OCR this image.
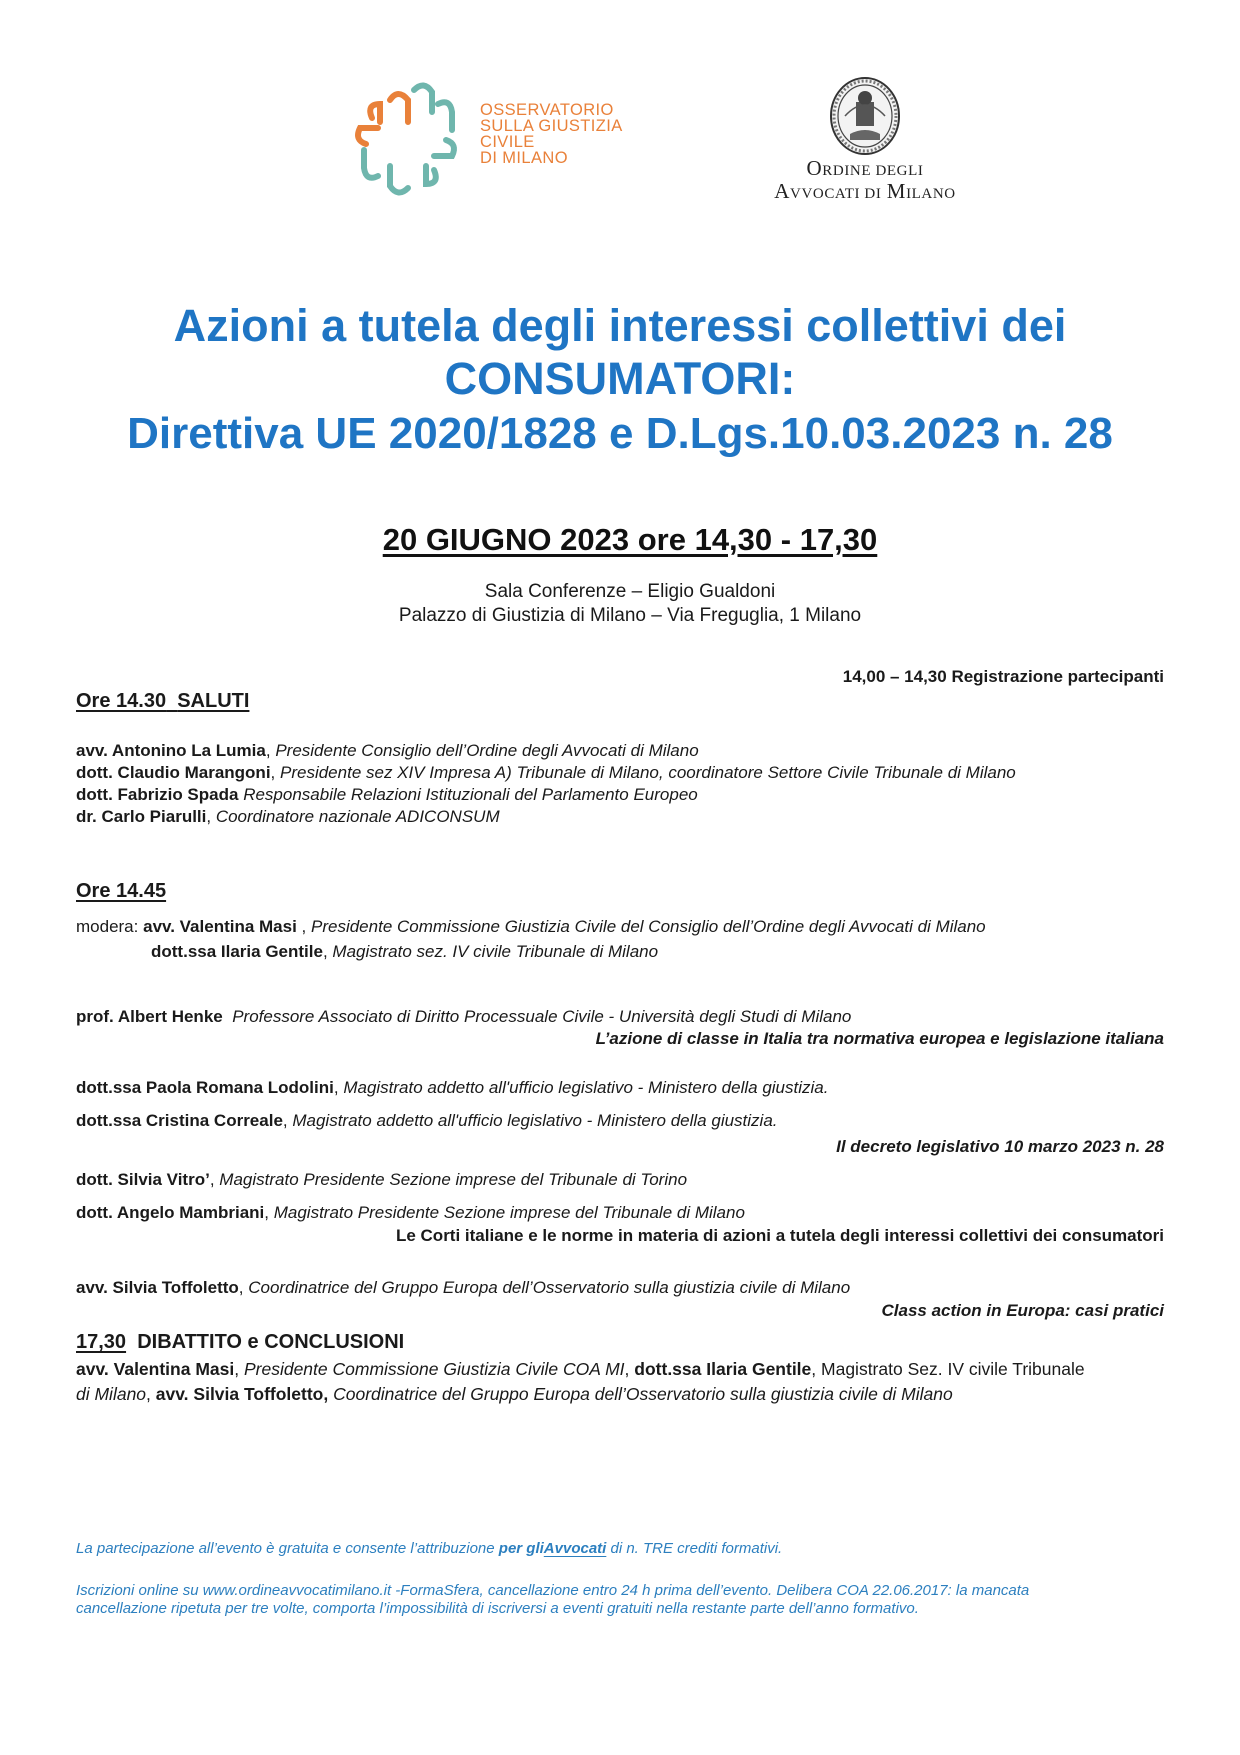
OSSERVATORIO
SULLA GIUSTIZIA
CIVILE
DI MILANO	ORDINE DEGLI
AVVOCATI DI MILANO
Azioni a tutela degli interessi collettivi dei
CONSUMATORI:
Direttiva UE 2020/1828 e D.Lgs.10.03.2023 n. 28
20 GIUGNO 2023 ore 14,30 - 17,30
Sala Conferenze – Eligio Gualdoni
Palazzo di Giustizia di Milano – Via Freguglia, 1 Milano
14,00 – 14,30 Registrazione partecipanti
Ore 14.30 SALUTI
avv. Antonino La Lumia, Presidente Consiglio dell’Ordine degli Avvocati di Milano
dott. Claudio Marangoni, Presidente sez XIV Impresa A) Tribunale di Milano, coordinatore Settore Civile Tribunale di Milano
dott. Fabrizio Spada Responsabile Relazioni Istituzionali del Parlamento Europeo
dr. Carlo Piarulli, Coordinatore nazionale ADICONSUM
Ore 14.45
modera: avv. Valentina Masi , Presidente Commissione Giustizia Civile del Consiglio dell’Ordine degli Avvocati di Milano
dott.ssa Ilaria Gentile, Magistrato sez. IV civile Tribunale di Milano
prof. Albert Henke Professore Associato di Diritto Processuale Civile - Università degli Studi di Milano
L’azione di classe in Italia tra normativa europea e legislazione italiana
dott.ssa Paola Romana Lodolini, Magistrato addetto all'ufficio legislativo - Ministero della giustizia.
dott.ssa Cristina Correale, Magistrato addetto all'ufficio legislativo - Ministero della giustizia.
Il decreto legislativo 10 marzo 2023 n. 28
dott. Silvia Vitro’, Magistrato Presidente Sezione imprese del Tribunale di Torino
dott. Angelo Mambriani, Magistrato Presidente Sezione imprese del Tribunale di Milano
Le Corti italiane e le norme in materia di azioni a tutela degli interessi collettivi dei consumatori
avv. Silvia Toffoletto, Coordinatrice del Gruppo Europa dell’Osservatorio sulla giustizia civile di Milano
Class action in Europa: casi pratici
17,30 DIBATTITO e CONCLUSIONI
avv. Valentina Masi, Presidente Commissione Giustizia Civile COA MI, dott.ssa Ilaria Gentile, Magistrato Sez. IV civile Tribunale
di Milano, avv. Silvia Toffoletto, Coordinatrice del Gruppo Europa dell’Osservatorio sulla giustizia civile di Milano
La partecipazione all’evento è gratuita e consente l’attribuzione per gliAvvocati di n. TRE crediti formativi.
Iscrizioni online su www.ordineavvocatimilano.it -FormaSfera, cancellazione entro 24 h prima dell’evento. Delibera COA 22.06.2017: la mancata
cancellazione ripetuta per tre volte, comporta l’impossibilità di iscriversi a eventi gratuiti nella restante parte dell’anno formativo.
